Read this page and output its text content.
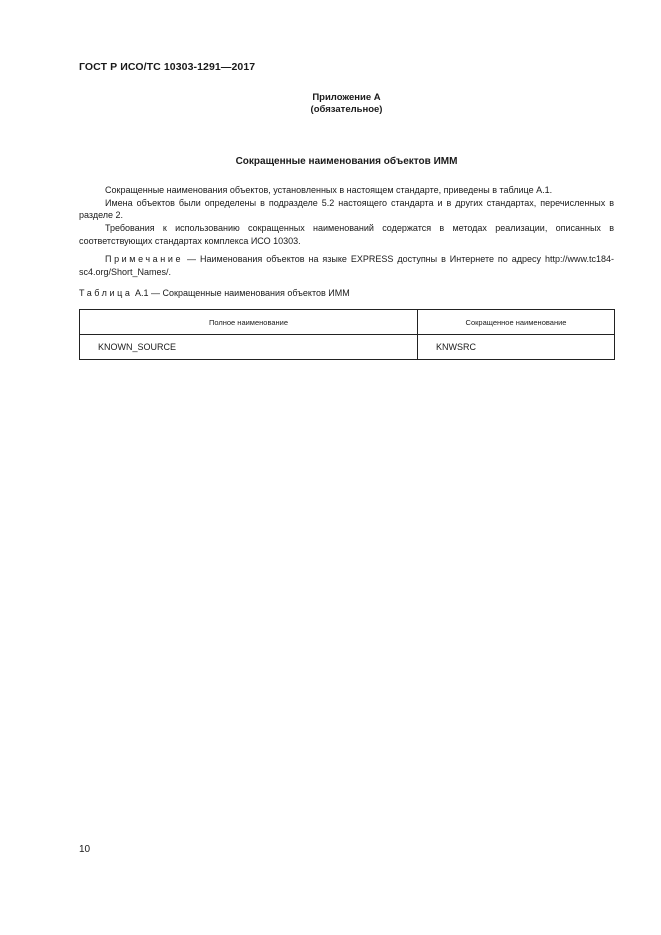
ГОСТ Р ИСО/ТС 10303-1291—2017
Приложение А
(обязательное)
Сокращенные наименования объектов ИММ
Сокращенные наименования объектов, установленных в настоящем стандарте, приведены в таблице А.1.
Имена объектов были определены в подразделе 5.2 настоящего стандарта и в других стандартах, перечисленных в разделе 2.
Требования к использованию сокращенных наименований содержатся в методах реализации, описанных в соответствующих стандартах комплекса ИСО 10303.
Примечание — Наименования объектов на языке EXPRESS доступны в Интернете по адресу http://www.tc184-sc4.org/Short_Names/.
Таблица А.1 — Сокращенные наименования объектов ИММ
Полное наименование	Сокращенное наименование
KNOWN_SOURCE	KNWSRC
10
